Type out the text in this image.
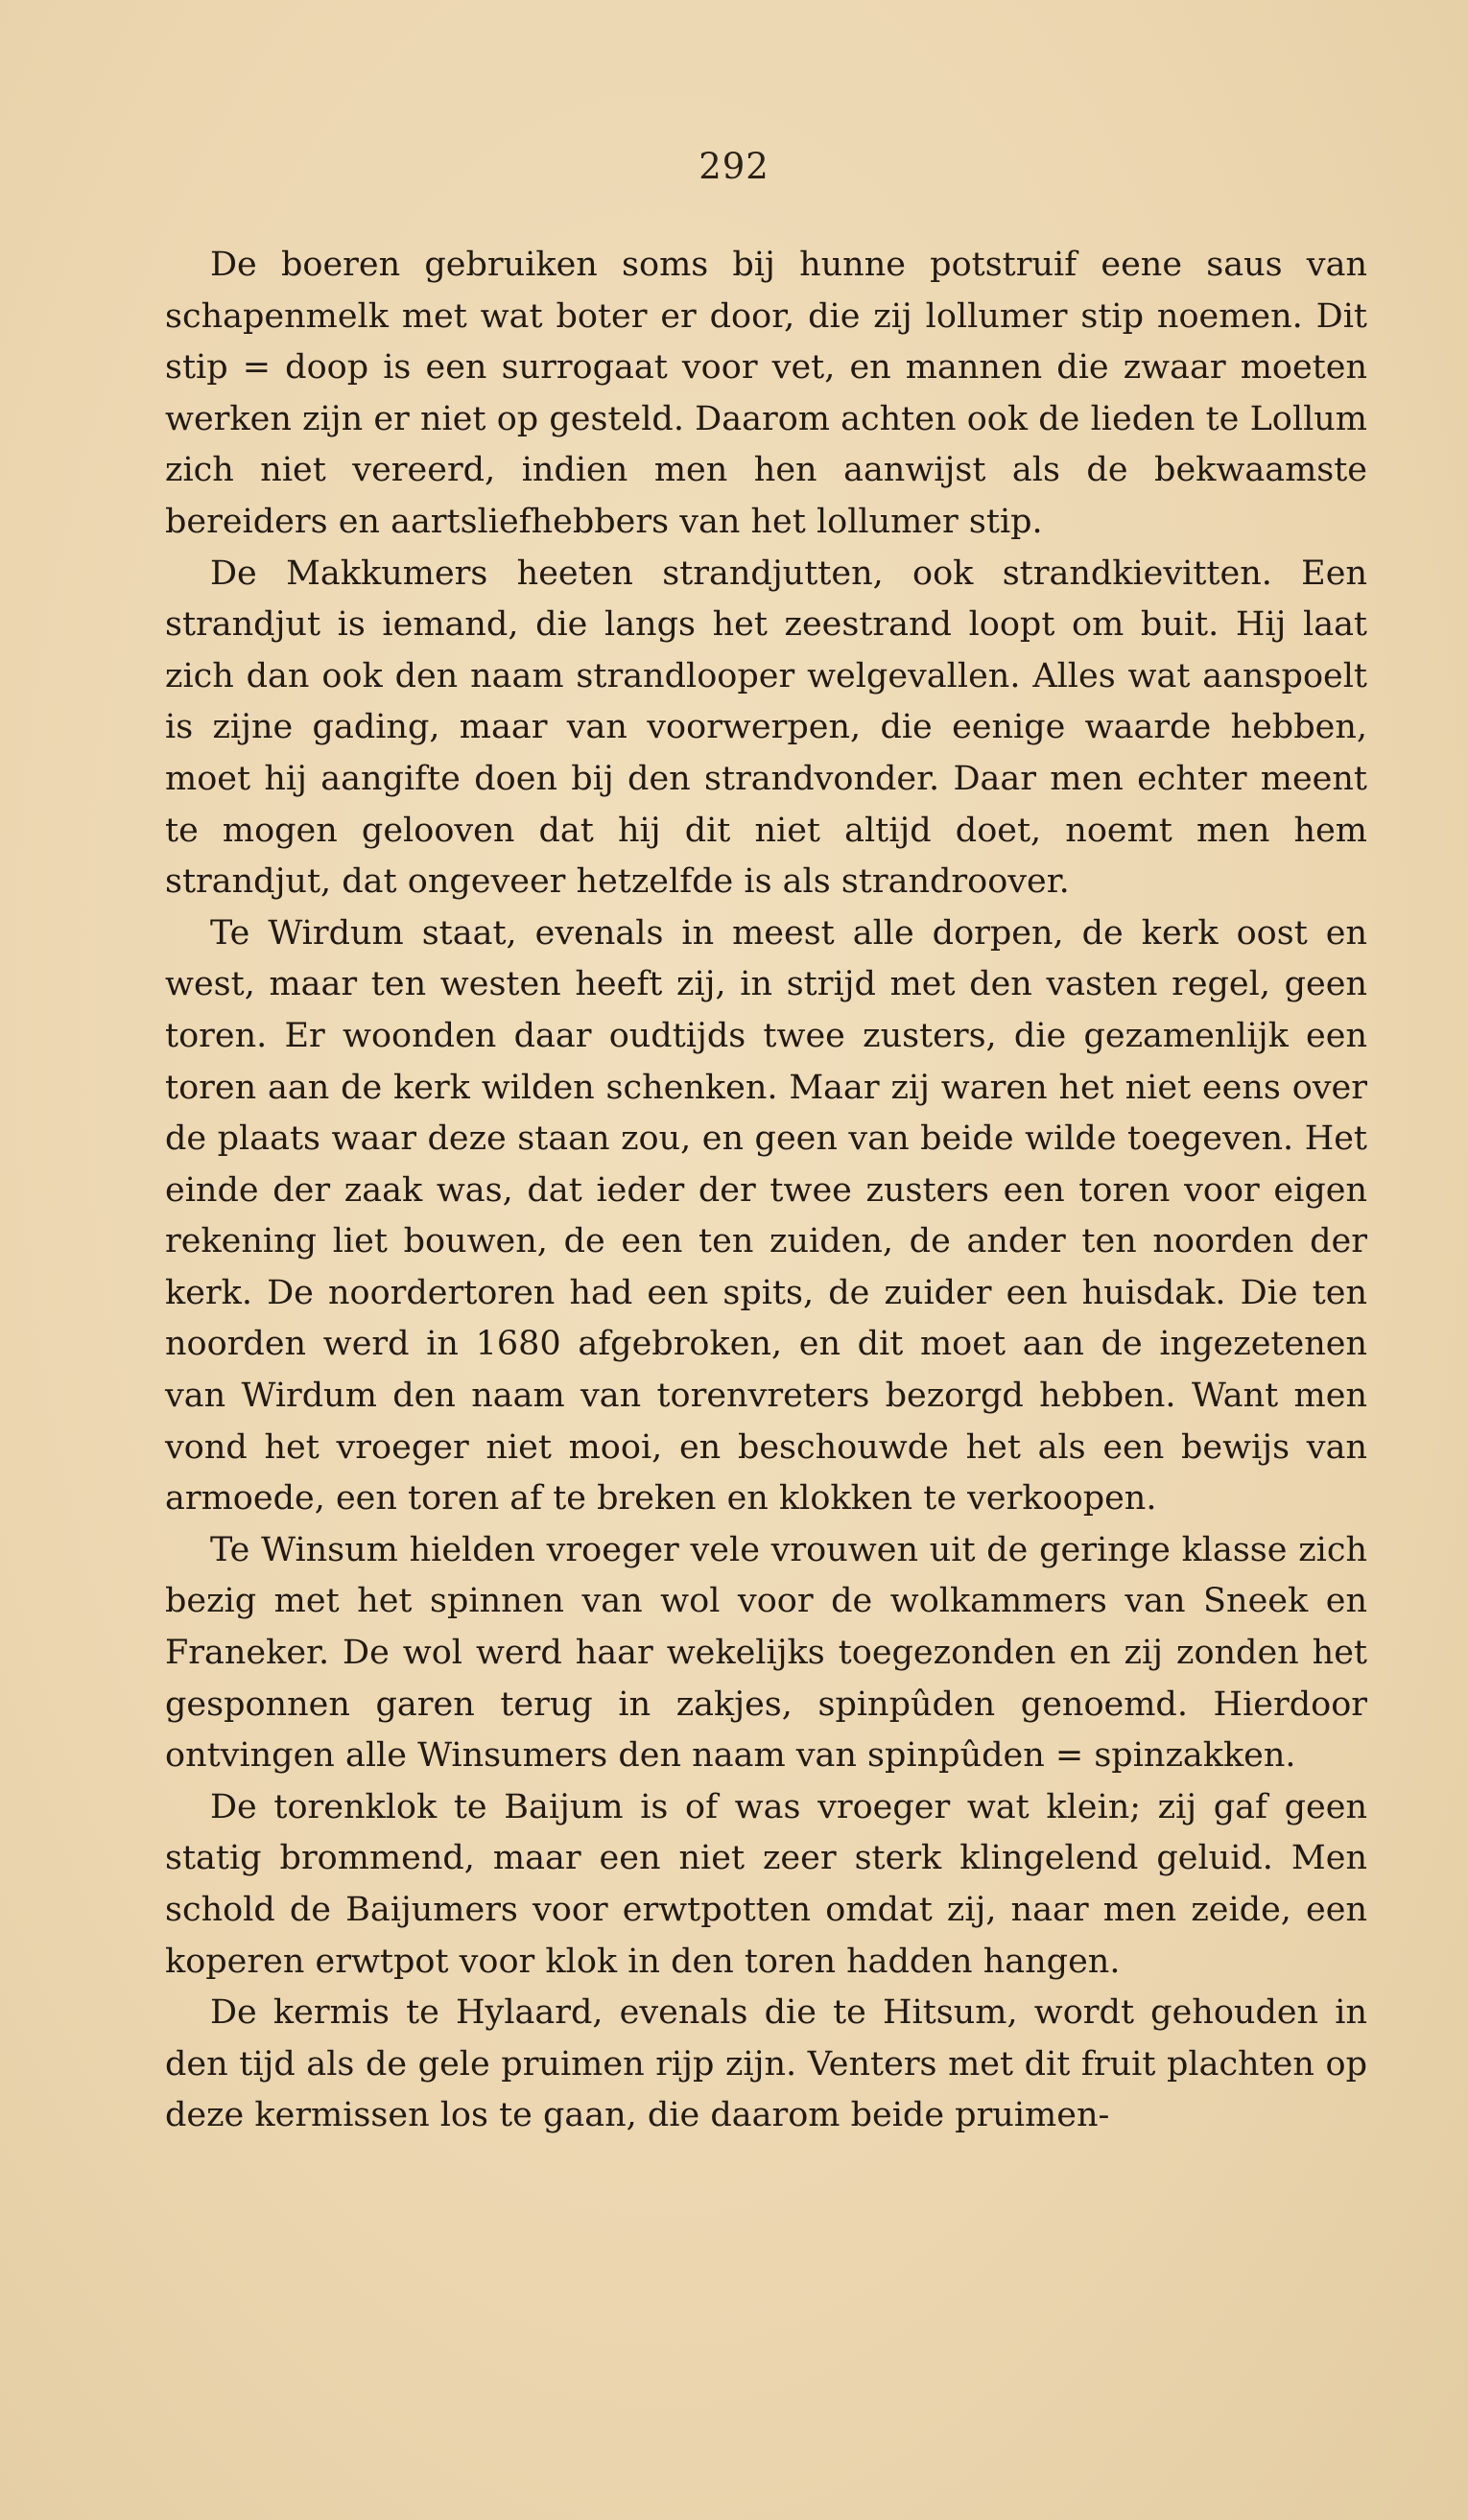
292

De boeren gebruiken soms bij hunne potstruif eene saus van schapenmelk met wat boter er door, die zij lollumer stip noemen. Dit stip = doop is een surrogaat voor vet, en mannen die zwaar moeten werken zijn er niet op gesteld. Daarom achten ook de lieden te Lollum zich niet vereerd, indien men hen aanwijst als de bekwaamste bereiders en aartsliefhebbers van het lollumer stip.

De Makkumers heeten strandjutten, ook strandkievitten. Een strandjut is iemand, die langs het zeestrand loopt om buit. Hij laat zich dan ook den naam strandlooper welgevallen. Alles wat aanspoelt is zijne gading, maar van voorwerpen, die eenige waarde hebben, moet hij aangifte doen bij den strandvonder. Daar men echter meent te mogen gelooven dat hij dit niet altijd doet, noemt men hem strandjut, dat ongeveer hetzelfde is als strandroover.

Te Wirdum staat, evenals in meest alle dorpen, de kerk oost en west, maar ten westen heeft zij, in strijd met den vasten regel, geen toren. Er woonden daar oudtijds twee zusters, die gezamenlijk een toren aan de kerk wilden schenken. Maar zij waren het niet eens over de plaats waar deze staan zou, en geen van beide wilde toegeven. Het einde der zaak was, dat ieder der twee zusters een toren voor eigen rekening liet bouwen, de een ten zuiden, de ander ten noorden der kerk. De noordertoren had een spits, de zuider een huisdak. Die ten noorden werd in 1680 afgebroken, en dit moet aan de ingezetenen van Wirdum den naam van torenvreters bezorgd hebben. Want men vond het vroeger niet mooi, en beschouwde het als een bewijs van armoede, een toren af te breken en klokken te verkoopen.

Te Winsum hielden vroeger vele vrouwen uit de geringe klasse zich bezig met het spinnen van wol voor de wolkammers van Sneek en Franeker. De wol werd haar wekelijks toegezonden en zij zonden het gesponnen garen terug in zakjes, spinpûden genoemd. Hierdoor ontvingen alle Winsumers den naam van spinpûden = spinzakken.

De torenklok te Baijum is of was vroeger wat klein; zij gaf geen statig brommend, maar een niet zeer sterk klingelend geluid. Men schold de Baijumers voor erwtpotten omdat zij, naar men zeide, een koperen erwtpot voor klok in den toren hadden hangen.

De kermis te Hylaard, evenals die te Hitsum, wordt gehouden in den tijd als de gele pruimen rijp zijn. Venters met dit fruit plachten op deze kermissen los te gaan, die daarom beide pruimen-
